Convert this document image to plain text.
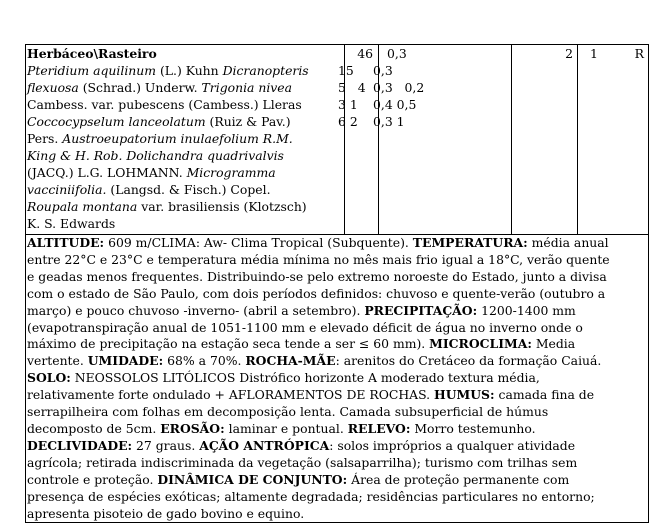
Herbáceo\Rasteiro
Pteridium aquilinum (L.) Kuhn Dicranopteris
flexuosa (Schrad.) Underw. Trigonia nivea
Cambess. var. pubescens (Cambess.) Lleras
Coccocypselum lanceolatum (Ruiz & Pav.)
Pers. Austroeupatorium inulaefolium R.M.
King & H. Rob. Dolichandra quadrivalvis
(JACQ.) L.G. LOHMANN. Microgramma
vacciniifolia. (Langsd. & Fisch.) Copel.
Roupala montana var. brasiliensis (Klotzsch)
K. S. Edwards
46
15
5   4
3 1
6 2
0,3
0,3
0,3   0,2
0,4 0,5
0,3 1
2 1	R
ALTITUDE: 609 m/CLIMA: Aw- Clima Tropical (Subquente). TEMPERATURA: média anual
entre 22°C e 23°C e temperatura média mínima no mês mais frio igual a 18°C, verão quente
e geadas menos frequentes. Distribuindo-se pelo extremo noroeste do Estado, junto a divisa
com o estado de São Paulo, com dois períodos definidos: chuvoso e quente-verão (outubro a
março) e pouco chuvoso -inverno- (abril a setembro). PRECIPITAÇÃO: 1200-1400 mm
(evapotranspiração anual de 1051-1100 mm e elevado déficit de água no inverno onde o
máximo de precipitação na estação seca tende a ser ≤ 60 mm). MICROCLIMA: Media
vertente. UMIDADE: 68% a 70%. ROCHA-MÃE: arenitos do Cretáceo da formação Caiuá.
SOLO: NEOSSOLOS LITÓLICOS Distrófico horizonte A moderado textura média,
relativamente forte ondulado + AFLORAMENTOS DE ROCHAS. HUMUS: camada fina de
serrapilheira com folhas em decomposição lenta. Camada subsuperficial de húmus
decomposto de 5cm. EROSÃO: laminar e pontual. RELEVO: Morro testemunho.
DECLIVIDADE: 27 graus. AÇÃO ANTRÓPICA: solos impróprios a qualquer atividade
agrícola; retirada indiscriminada da vegetação (salsaparrilha); turismo com trilhas sem
controle e proteção. DINÂMICA DE CONJUNTO: Área de proteção permanente com
presença de espécies exóticas; altamente degradada; residências particulares no entorno;
apresenta pisoteio de gado bovino e equino.
